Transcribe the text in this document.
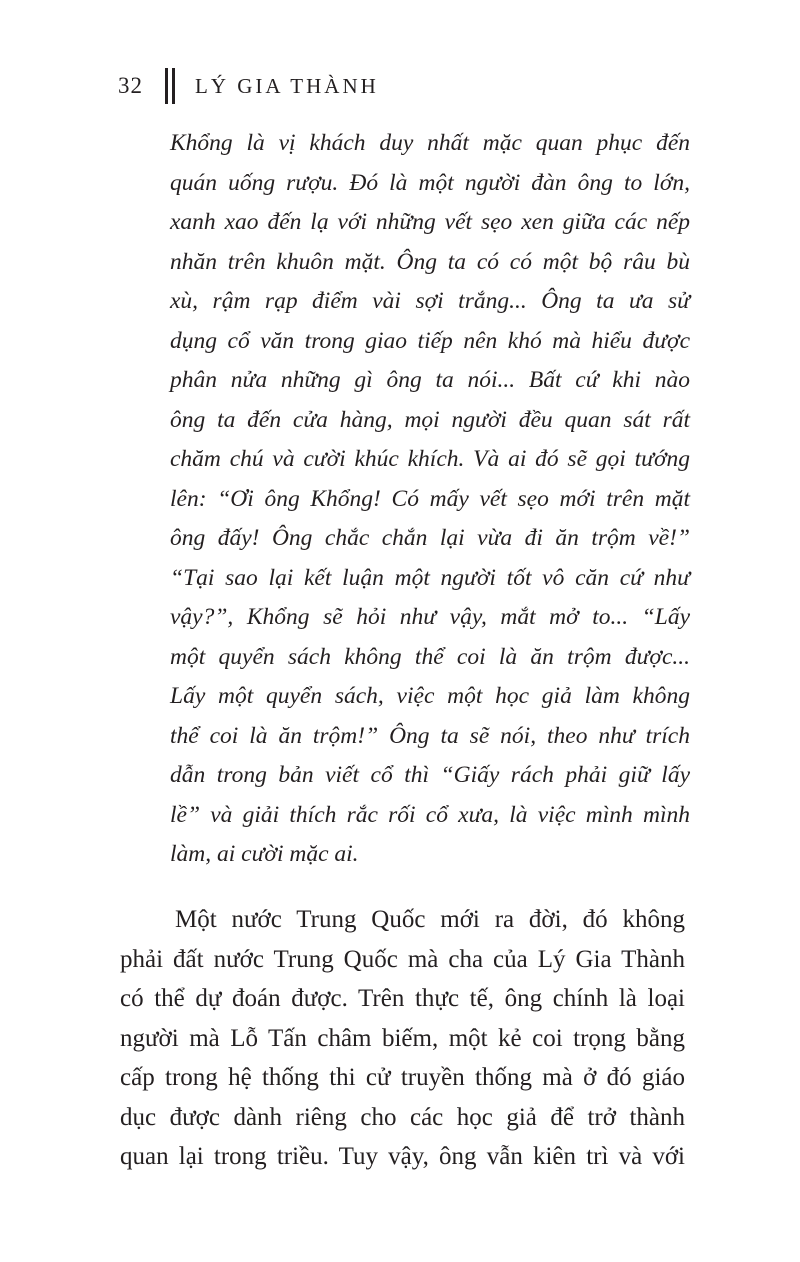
32 LÝ GIA THÀNH
Khổng là vị khách duy nhất mặc quan phục đến
quán uống rượu. Đó là một người đàn ông to lớn,
xanh xao đến lạ với những vết sẹo xen giữa các nếp
nhăn trên khuôn mặt. Ông ta có có một bộ râu bù
xù, rậm rạp điểm vài sợi trắng... Ông ta ưa sử
dụng cổ văn trong giao tiếp nên khó mà hiểu được
phân nửa những gì ông ta nói... Bất cứ khi nào
ông ta đến cửa hàng, mọi người đều quan sát rất
chăm chú và cười khúc khích. Và ai đó sẽ gọi tướng
lên: “Ơi ông Khổng! Có mấy vết sẹo mới trên mặt
ông đấy! Ông chắc chắn lại vừa đi ăn trộm về!”
“Tại sao lại kết luận một người tốt vô căn cứ như
vậy?”, Khổng sẽ hỏi như vậy, mắt mở to... “Lấy
một quyển sách không thể coi là ăn trộm được...
Lấy một quyển sách, việc một học giả làm không
thể coi là ăn trộm!” Ông ta sẽ nói, theo như trích
dẫn trong bản viết cổ thì “Giấy rách phải giữ lấy
lề” và giải thích rắc rối cổ xưa, là việc mình mình
làm, ai cười mặc ai.
Một nước Trung Quốc mới ra đời, đó không
phải đất nước Trung Quốc mà cha của Lý Gia Thành
có thể dự đoán được. Trên thực tế, ông chính là loại
người mà Lỗ Tấn châm biếm, một kẻ coi trọng bằng
cấp trong hệ thống thi cử truyền thống mà ở đó giáo
dục được dành riêng cho các học giả để trở thành
quan lại trong triều. Tuy vậy, ông vẫn kiên trì và với
